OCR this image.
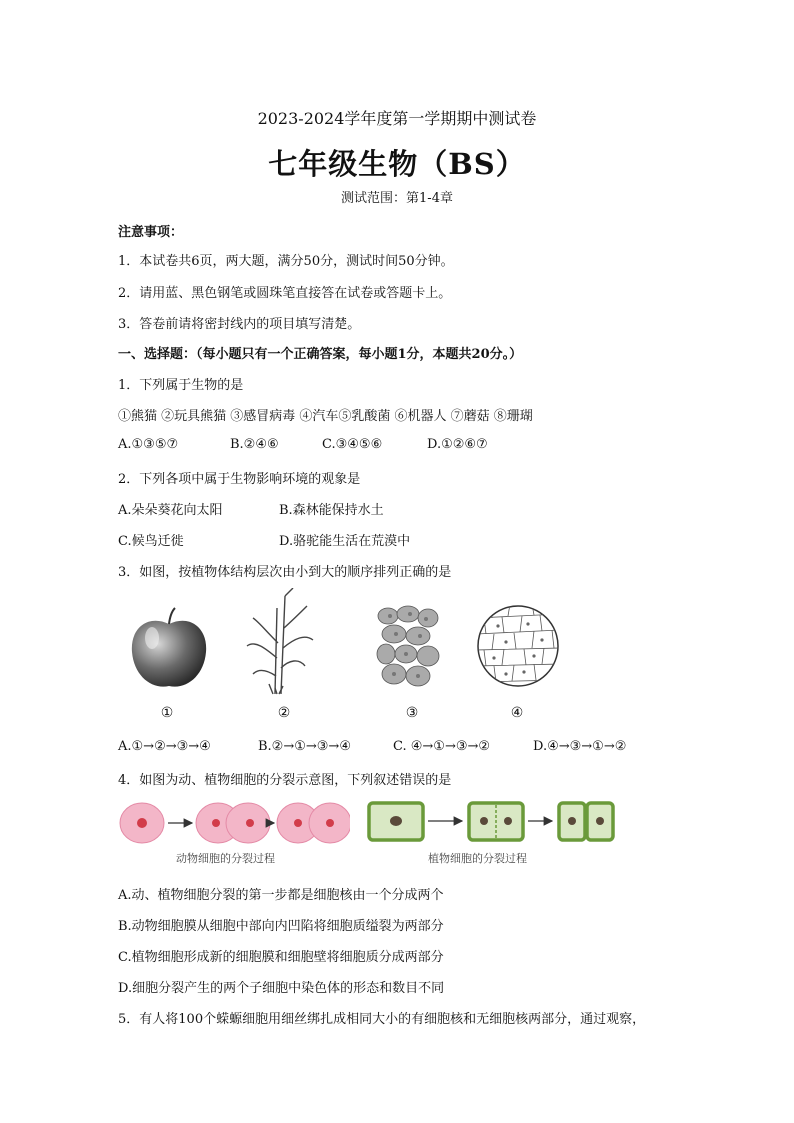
2023-2024学年度第一学期期中测试卷
七年级生物（BS）
测试范围：第1-4章
注意事项：
1．本试卷共6页，两大题，满分50分，测试时间50分钟。
2．请用蓝、黑色钢笔或圆珠笔直接答在试卷或答题卡上。
3．答卷前请将密封线内的项目填写清楚。
一、选择题：（每小题只有一个正确答案，每小题1分，本题共20分。）
1．下列属于生物的是
①熊猫 ②玩具熊猫 ③感冒病毒 ④汽车⑤乳酸菌 ⑥机器人 ⑦蘑菇 ⑧珊瑚
A.①③⑤⑦	B.②④⑥	C.③④⑤⑥	D.①②⑥⑦
2．下列各项中属于生物影响环境的观象是
A.朵朵葵花向太阳	B.森林能保持水土
C.候鸟迁徙	D.骆驼能生活在荒漠中
3．如图，按植物体结构层次由小到大的顺序排列正确的是
①	②	③	④
A.①→②→③→④	B.②→①→③→④	C. ④→①→③→②	D.④→③→①→②
4．如图为动、植物细胞的分裂示意图，下列叙述错误的是
动物细胞的分裂过程	植物细胞的分裂过程
A.动、植物细胞分裂的第一步都是细胞核由一个分成两个
B.动物细胞膜从细胞中部向内凹陷将细胞质缢裂为两部分
C.植物细胞形成新的细胞膜和细胞壁将细胞质分成两部分
D.细胞分裂产生的两个子细胞中染色体的形态和数目不同
5．有人将100个蝾螈细胞用细丝绑扎成相同大小的有细胞核和无细胞核两部分，通过观察，
